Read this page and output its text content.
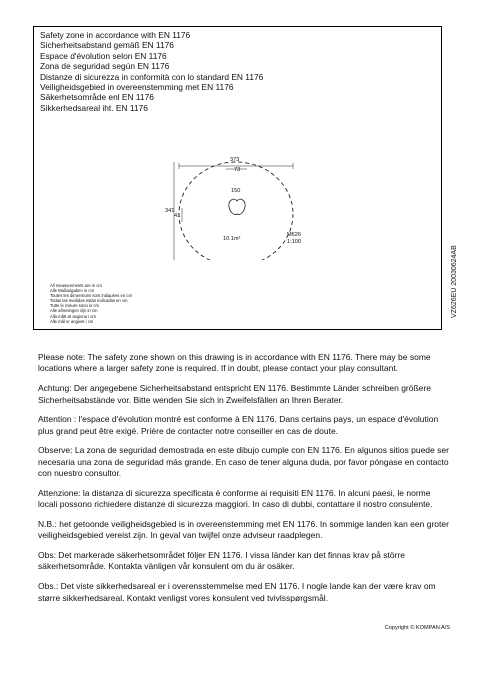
Safety zone in accordance with EN 1176
Sicherheitsabstand gemäß EN 1176
Espace d'évolution selon EN 1176
Zona de seguridad según EN 1176
Distanze di sicurezza in conformità con lo standard EN 1176
Veiligheidsgebied in overeenstemming met EN 1176
Säkerhetsområde enl EN 1176
Sikkerhedsareal iht. EN 1176
373
73
341
41
150
10.1m²
M626
1:100
VZ626EU 20030624AB
All measurements are in cm
Alle Maßangaben in cm
Toutes les dimensions sont indiquées en cm
Todas las medidas están indicadas en cm
Tutte le misure sono in cm
Alle afmetingen zijn in cm
Alla mått är angivna i cm
Alle mål er angivet i cm

Please note: The safety zone shown on this drawing is in accordance with EN 1176. There may be some locations where a larger safety zone is required. If in doubt, please contact your play consultant.

Achtung: Der angegebene Sicherheitsabstand entspricht EN 1176. Bestimmte Länder schreiben größere Sicherheitsabstände vor. Bitte wenden Sie sich in Zweifelsfällen an Ihren Berater.

Attention : l'espace d'évolution montré est conforme à EN 1176. Dans certains pays, un espace d'évolution plus grand peut être exigé. Prière de contacter notre conseiller en cas de doute.

Observe: La zona de seguridad demostrada en este dibujo cumple con EN 1176. En algunos sitios puede ser necesaria una zona de seguridad más grande. En caso de tener alguna duda, por favor póngase en contacto con nuestro consultor.

Attenzione: la distanza di sicurezza specificata è conforme ai requisiti EN 1176. In alcuni paesi, le norme locali possono richiedere distanze di sicurezza maggiori. In caso di dubbi, contattare il nostro consulente.

N.B.: het getoonde veiligheidsgebied is in overeenstemming met EN 1176. In sommige landen kan een groter veiligheidsgebied vereist zijn. In geval van twijfel onze adviseur raadplegen.

Obs: Det markerade säkerhetsområdet följer EN 1176. I vissa länder kan det finnas krav på större säkerhetsområde. Kontakta vänligen vår konsulent om du är osäker.

Obs.: Det viste sikkerhedsareal er i overensstemmelse med EN 1176. I nogle lande kan der være krav om større sikkerhedsareal. Kontakt venligst vores konsulent ved tvivlsspørgsmål.

Copyright © KOMPAN A/S
